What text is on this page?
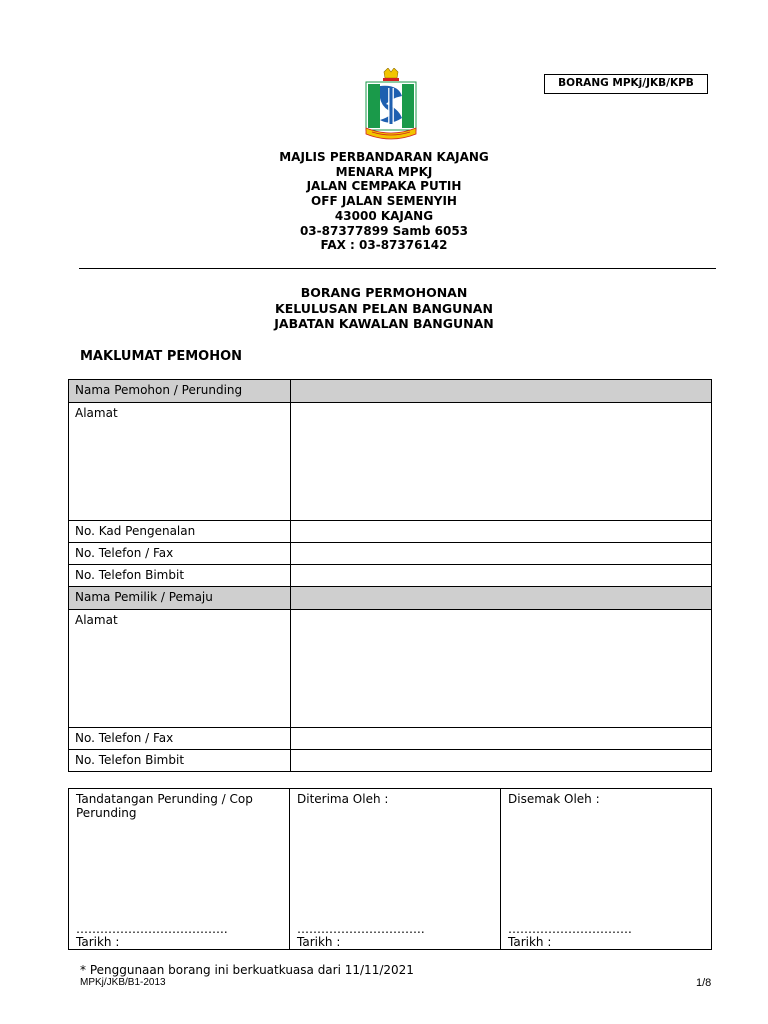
BORANG MPKj/JKB/KPB
MAJLIS PERBANDARAN KAJANG
MENARA MPKJ
JALAN CEMPAKA PUTIH
OFF JALAN SEMENYIH
43000 KAJANG
03-87377899 Samb 6053
FAX : 03-87376142
BORANG PERMOHONAN
KELULUSAN PELAN BANGUNAN
JABATAN KAWALAN BANGUNAN
MAKLUMAT PEMOHON
Nama Pemohon / Perunding	
Alamat	
No. Kad Pengenalan	
No. Telefon / Fax	
No. Telefon Bimbit	
Nama Pemilik / Pemaju	
Alamat	
No. Telefon / Fax	
No. Telefon Bimbit	
Tandatangan Perunding / Cop Perunding
………………………………..
Tarikh :

Diterima Oleh :
…………………………..
Tarikh :

Disemak Oleh :
………………………….
Tarikh :
* Penggunaan borang ini berkuatkuasa dari 11/11/2021
MPKj/JKB/B1-2013	1/8
